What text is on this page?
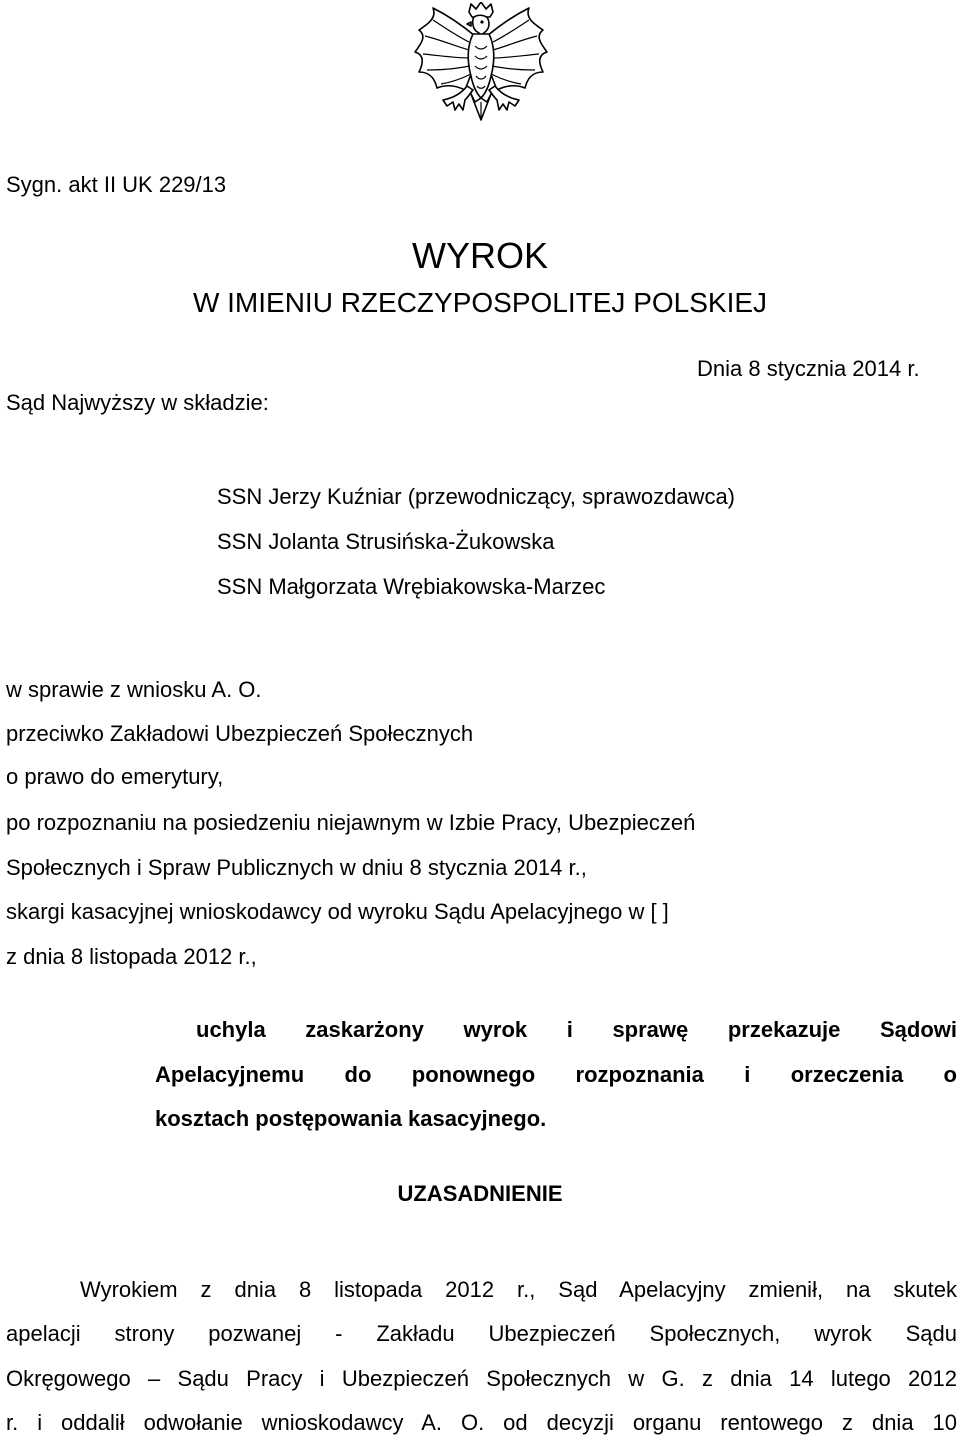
Sygn. akt II UK 229/13

WYROK

W IMIENIU RZECZYPOSPOLITEJ POLSKIEJ

Dnia 8 stycznia 2014 r.

Sąd Najwyższy w składzie:

SSN Jerzy Kuźniar (przewodniczący, sprawozdawca)

SSN Jolanta Strusińska-Żukowska

SSN Małgorzata Wrębiakowska-Marzec

w sprawie z wniosku A. O.

przeciwko Zakładowi Ubezpieczeń Społecznych

o prawo do emerytury,

po rozpoznaniu na posiedzeniu niejawnym w Izbie Pracy, Ubezpieczeń

Społecznych i Spraw Publicznych w dniu 8 stycznia 2014 r.,

skargi kasacyjnej wnioskodawcy od wyroku Sądu Apelacyjnego w [ ]

z dnia 8 listopada 2012 r.,

uchyla zaskarżony wyrok i sprawę przekazuje Sądowi

Apelacyjnemu do ponownego rozpoznania i orzeczenia o

kosztach postępowania kasacyjnego.

UZASADNIENIE

Wyrokiem z dnia 8 listopada 2012 r., Sąd Apelacyjny zmienił, na skutek

apelacji strony pozwanej - Zakładu Ubezpieczeń Społecznych, wyrok Sądu

Okręgowego – Sądu Pracy i Ubezpieczeń Społecznych w G. z dnia 14 lutego 2012

r. i oddalił odwołanie wnioskodawcy A. O. od decyzji organu rentowego z dnia 10
